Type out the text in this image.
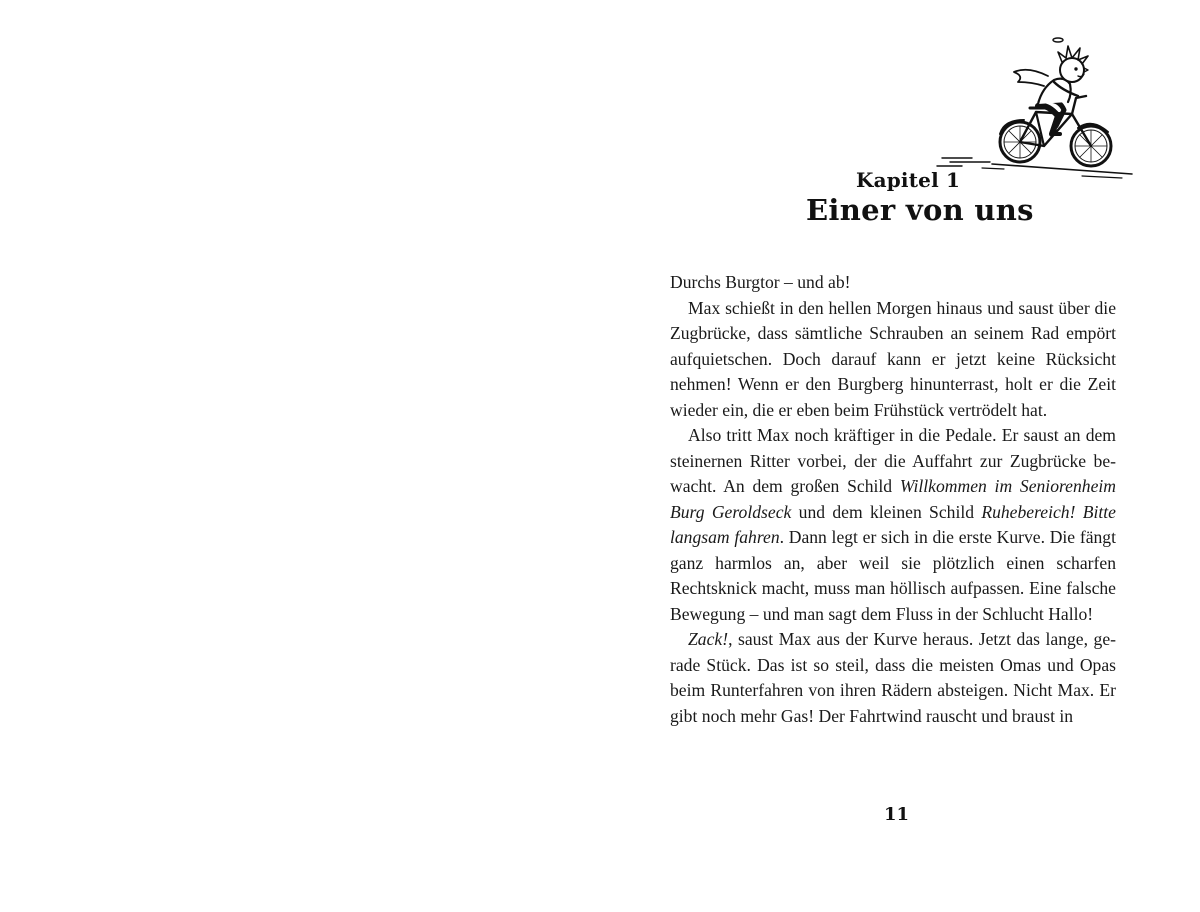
Kapitel 1
Einer von uns

Durchs Burgtor – und ab!

Max schießt in den hellen Morgen hinaus und saust über die Zugbrücke, dass sämtliche Schrauben an seinem Rad empört aufquietschen. Doch darauf kann er jetzt keine Rücksicht nehmen! Wenn er den Burgberg hinunterrast, holt er die Zeit wieder ein, die er eben beim Frühstück vertrödelt hat.

Also tritt Max noch kräftiger in die Pedale. Er saust an dem steinernen Ritter vorbei, der die Auffahrt zur Zugbrücke bewacht. An dem großen Schild Willkommen im Seniorenheim Burg Geroldseck und dem kleinen Schild Ruhebereich! Bitte langsam fahren. Dann legt er sich in die erste Kurve. Die fängt ganz harmlos an, aber weil sie plötzlich einen scharfen Rechtsknick macht, muss man höllisch aufpassen. Eine falsche Bewegung – und man sagt dem Fluss in der Schlucht Hallo!

Zack!, saust Max aus der Kurve heraus. Jetzt das lange, gerade Stück. Das ist so steil, dass die meisten Omas und Opas beim Runterfahren von ihren Rädern absteigen. Nicht Max. Er gibt noch mehr Gas! Der Fahrtwind rauscht und braust in

11
